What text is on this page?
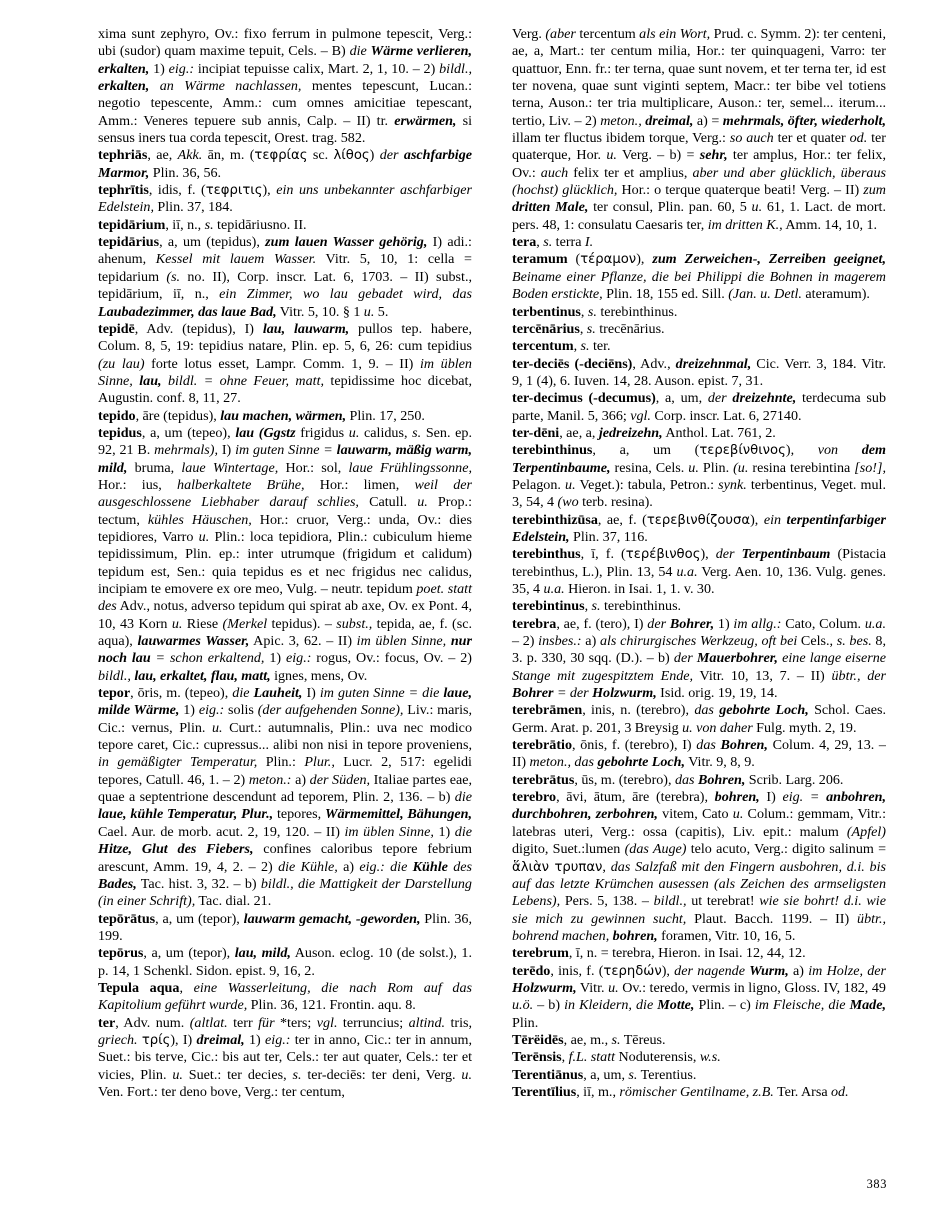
xima sunt zephyro, Ov.: fixo ferrum in pulmone tepescit, Verg.: ubi (sudor) quam maxime tepuit, Cels. – B) die Wärme verlieren, erkalten, 1) eig.: incipiat tepuisse calix, Mart. 2, 1, 10. – 2) bildl., erkalten, an Wärme nachlassen, mentes tepescunt, Lucan.: negotio tepescente, Amm.: cum omnes amicitiae tepescant, Amm.: Veneres tepuere sub annis, Calp. – II) tr. erwärmen, si sensus iners tua corda tepescit, Orest. trag. 582.
tephriās, ae, Akk. ān, m. (τεφρίας sc. λίθος) der aschfarbige Marmor, Plin. 36, 56.
tephrītis, idis, f. (τεφριτις), ein uns unbekannter aschfarbiger Edelstein, Plin. 37, 184.
tepidārium, iī, n., s. tepidāriusno. II.
tepidārius, a, um (tepidus), zum lauen Wasser gehörig, I) adi.: ahenum, Kessel mit lauem Wasser. Vitr. 5, 10, 1: cella = tepidarium (s. no. II), Corp. inscr. Lat. 6, 1703. – II) subst., tepidārium, iī, n., ein Zimmer, wo lau gebadet wird, das Laubadezimmer, das laue Bad, Vitr. 5, 10. § 1 u. 5.
tepidē, Adv. (tepidus), I) lau, lauwarm, pullos tep. habere, Colum. 8, 5, 19: tepidius natare, Plin. ep. 5, 6, 26: cum tepidius (zu lau) forte lotus esset, Lampr. Comm. 1, 9. – II) im üblen Sinne, lau, bildl. = ohne Feuer, matt, tepidissime hoc dicebat, Augustin. conf. 8, 11, 27.
tepido, āre (tepidus), lau machen, wärmen, Plin. 17, 250.
tepidus, a, um (tepeo), lau (Ggstz frigidus u. calidus, s. Sen. ep. 92, 21 B. mehrmals), I) im guten Sinne = lauwarm, mäßig warm, mild, bruma, laue Wintertage, Hor.: sol, laue Frühlingssonne, Hor.: ius, halberkaltete Brühe, Hor.: limen, weil der ausgeschlossene Liebhaber darauf schlies, Catull. u. Prop.: tectum, kühles Häuschen, Hor.: cruor, Verg.: unda, Ov.: dies tepidiores, Varro u. Plin.: loca tepidiora, Plin.: cubiculum hieme tepidissimum, Plin. ep.: inter utrumque (frigidum et calidum) tepidum est, Sen.: quia tepidus es et nec frigidus nec calidus, incipiam te emovere ex ore meo, Vulg. – neutr. tepidum poet. statt des Adv., notus, adverso tepidum qui spirat ab axe, Ov. ex Pont. 4, 10, 43 Korn u. Riese (Merkel tepidus). – subst., tepida, ae, f. (sc. aqua), lauwarmes Wasser, Apic. 3, 62. – II) im üblen Sinne, nur noch lau = schon erkaltend, 1) eig.: rogus, Ov.: focus, Ov. – 2) bildl., lau, erkaltet, flau, matt, ignes, mens, Ov.
tepor, ōris, m. (tepeo), die Lauheit, I) im guten Sinne = die laue, milde Wärme, 1) eig.: solis (der aufgehenden Sonne), Liv.: maris, Cic.: vernus, Plin. u. Curt.: autumnalis, Plin.: uva nec modico tepore caret, Cic.: cupressus... alibi non nisi in tepore proveniens, in gemäßigter Temperatur, Plin.: Plur., Lucr. 2, 517: egelidi tepores, Catull. 46, 1. – 2) meton.: a) der Süden, Italiae partes eae, quae a septentrione descendunt ad teporem, Plin. 2, 136. – b) die laue, kühle Temperatur, Plur., tepores, Wärmemittel, Bähungen, Cael. Aur. de morb. acut. 2, 19, 120. – II) im üblen Sinne, 1) die Hitze, Glut des Fiebers, confines caloribus tepore febrium arescunt, Amm. 19, 4, 2. – 2) die Kühle, a) eig.: die Kühle des Bades, Tac. hist. 3, 32. – b) bildl., die Mattigkeit der Darstellung (in einer Schrift), Tac. dial. 21.
tepōrātus, a, um (tepor), lauwarm gemacht, -geworden, Plin. 36, 199.
tepōrus, a, um (tepor), lau, mild, Auson. eclog. 10 (de solst.), 1. p. 14, 1 Schenkl. Sidon. epist. 9, 16, 2.
Tepula aqua, eine Wasserleitung, die nach Rom auf das Kapitolium geführt wurde, Plin. 36, 121. Frontin. aqu. 8.
ter, Adv. num. (altlat. terr für *ters; vgl. terruncius; altind. tris, griech. τρίς), I) dreimal, 1) eig.: ter in anno, Cic.: ter in annum, Suet.: bis terve, Cic.: bis aut ter, Cels.: ter aut quater, Cels.: ter et vicies, Plin. u. Suet.: ter decies, s. ter-deciēs: ter deni, Verg. u. Ven. Fort.: ter deno bove, Verg.: ter centum,
Verg. (aber tercentum als ein Wort, Prud. c. Symm. 2): ter centeni, ae, a, Mart.: ter centum milia, Hor.: ter quinquageni, Varro: ter quattuor, Enn. fr.: ter terna, quae sunt novem, et ter terna ter, id est ter novena, quae sunt viginti septem, Macr.: ter bibe vel totiens terna, Auson.: ter tria multiplicare, Auson.: ter, semel... iterum... tertio, Liv. – 2) meton., dreimal, a) = mehrmals, öfter, wiederholt, illam ter fluctus ibidem torque, Verg.: so auch ter et quater od. ter quaterque, Hor. u. Verg. – b) = sehr, ter amplus, Hor.: ter felix, Ov.: auch felix ter et amplius, aber und aber glücklich, überaus (hochst) glücklich, Hor.: o terque quaterque beati! Verg. – II) zum dritten Male, ter consul, Plin. pan. 60, 5 u. 61, 1. Lact. de mort. pers. 48, 1: consulatu Caesaris ter, im dritten K., Amm. 14, 10, 1.
tera, s. terra I.
teramum (τέραμον), zum Zerweichen-, Zerreiben geeignet, Beiname einer Pflanze, die bei Philippi die Bohnen in magerem Boden erstickte, Plin. 18, 155 ed. Sill. (Jan. u. Detl. ateramum).
terbentinus, s. terebinthinus.
tercēnārius, s. trecēnārius.
tercentum, s. ter.
ter-deciēs (-deciēns), Adv., dreizehnmal, Cic. Verr. 3, 184. Vitr. 9, 1 (4), 6. Iuven. 14, 28. Auson. epist. 7, 31.
ter-decimus (-decumus), a, um, der dreizehnte, terdecuma sub parte, Manil. 5, 366; vgl. Corp. inscr. Lat. 6, 27140.
ter-dēni, ae, a, jedreizehn, Anthol. Lat. 761, 2.
terebinthinus, a, um (τερεβίνθινος), von dem Terpentinbaume, resina, Cels. u. Plin. (u. resina terebintina [so!], Pelagon. u. Veget.): tabula, Petron.: synk. terbentinus, Veget. mul. 3, 54, 4 (wo terb. resina).
terebinthizūsa, ae, f. (τερεβινθίζουσα), ein terpentinfarbiger Edelstein, Plin. 37, 116.
terebinthus, ī, f. (τερέβινθος), der Terpentinbaum (Pistacia terebinthus, L.), Plin. 13, 54 u.a. Verg. Aen. 10, 136. Vulg. genes. 35, 4 u.a. Hieron. in Isai. 1, 1. v. 30.
terebintinus, s. terebinthinus.
terebra, ae, f. (tero), I) der Bohrer, 1) im allg.: Cato, Colum. u.a. – 2) insbes.: a) als chirurgisches Werkzeug, oft bei Cels., s. bes. 8, 3. p. 330, 30 sqq. (D.). – b) der Mauerbohrer, eine lange eiserne Stange mit zugespitztem Ende, Vitr. 10, 13, 7. – II) übtr., der Bohrer = der Holzwurm, Isid. orig. 19, 19, 14.
terebrāmen, inis, n. (terebro), das gebohrte Loch, Schol. Caes. Germ. Arat. p. 201, 3 Breysig u. von daher Fulg. myth. 2, 19.
terebrātio, ōnis, f. (terebro), I) das Bohren, Colum. 4, 29, 13. – II) meton., das gebohrte Loch, Vitr. 9, 8, 9.
terebrātus, ūs, m. (terebro), das Bohren, Scrib. Larg. 206.
terebro, āvi, ātum, āre (terebra), bohren, I) eig. = anbohren, durchbohren, zerbohren, vitem, Cato u. Colum.: gemmam, Vitr.: latebras uteri, Verg.: ossa (capitis), Liv. epit.: malum (Apfel) digito, Suet.:lumen (das Auge) telo acuto, Verg.: digito salinum = ἅλιὰν τρυπαν, das Salzfaß mit den Fingern ausbohren, d.i. bis auf das letzte Krümchen ausessen (als Zeichen des armseligsten Lebens), Pers. 5, 138. – bildl., ut terebrat! wie sie bohrt! d.i. wie sie mich zu gewinnen sucht, Plaut. Bacch. 1199. – II) übtr., bohrend machen, bohren, foramen, Vitr. 10, 16, 5.
terebrum, ī, n. = terebra, Hieron. in Isai. 12, 44, 12.
terēdo, inis, f. (τερηδών), der nagende Wurm, a) im Holze, der Holzwurm, Vitr. u. Ov.: teredo, vermis in ligno, Gloss. IV, 182, 49 u.ö. – b) in Kleidern, die Motte, Plin. – c) im Fleische, die Made, Plin.
Tērëidēs, ae, m., s. Tēreus.
Terēnsis, f.L. statt Noduterensis, w.s.
Terentiānus, a, um, s. Terentius.
Terentīlius, iī, m., römischer Gentilname, z.B. Ter. Arsa od.
383
